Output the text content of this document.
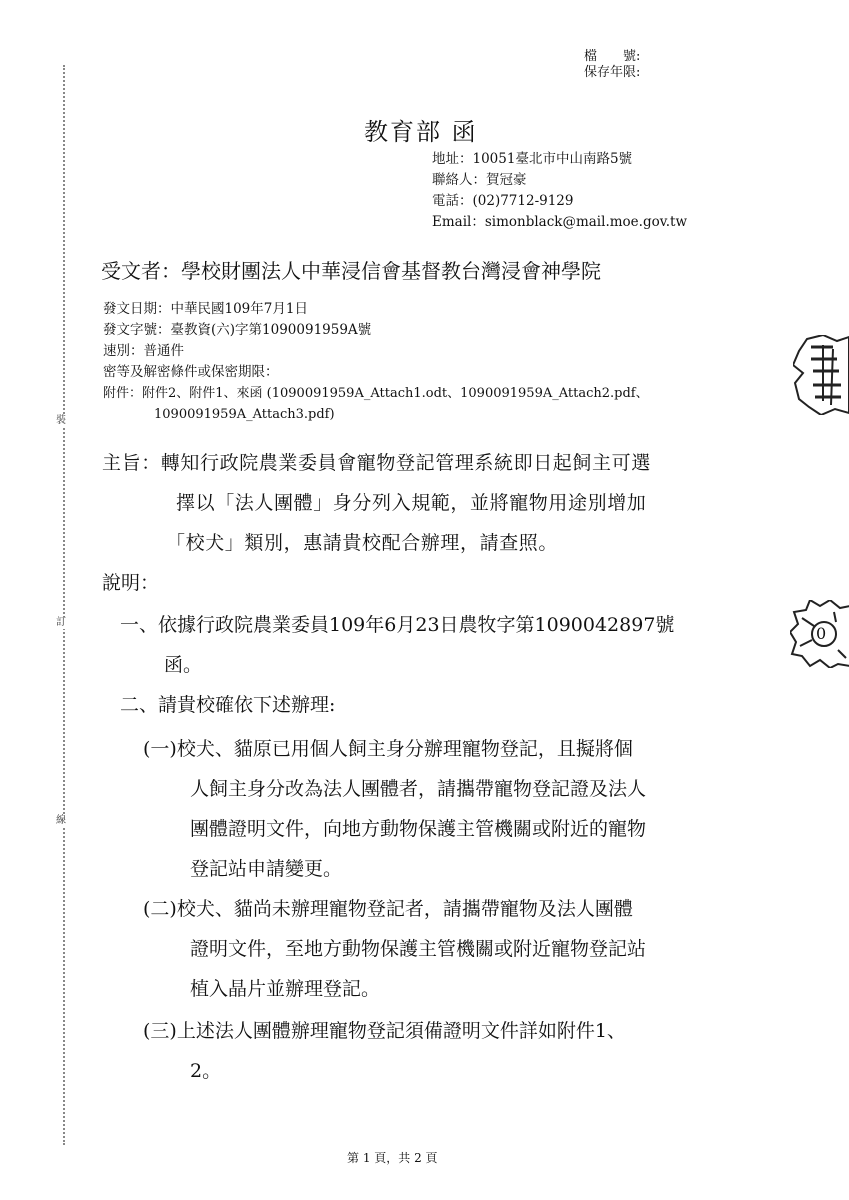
裝
訂
線
檔　　號:
保存年限:
教育部 函
地址：10051臺北市中山南路5號
聯絡人：賀冠豪
電話：(02)7712-9129
Email：simonblack@mail.moe.gov.tw
受文者：學校財團法人中華浸信會基督教台灣浸會神學院
發文日期：中華民國109年7月1日
發文字號：臺教資(六)字第1090091959A號
速別：普通件
密等及解密條件或保密期限：
附件：附件2、附件1、來函 (1090091959A_Attach1.odt、1090091959A_Attach2.pdf、
1090091959A_Attach3.pdf)
主旨：轉知行政院農業委員會寵物登記管理系統即日起飼主可選
擇以「法人團體」身分列入規範，並將寵物用途別增加
「校犬」類別，惠請貴校配合辦理，請查照。
說明：
一、依據行政院農業委員109年6月23日農牧字第1090042897號
函。
二、請貴校確依下述辦理:
(一)校犬、貓原已用個人飼主身分辦理寵物登記，且擬將個
人飼主身分改為法人團體者，請攜帶寵物登記證及法人
團體證明文件，向地方動物保護主管機關或附近的寵物
登記站申請變更。
(二)校犬、貓尚未辦理寵物登記者，請攜帶寵物及法人團體
證明文件，至地方動物保護主管機關或附近寵物登記站
植入晶片並辦理登記。
(三)上述法人團體辦理寵物登記須備證明文件詳如附件1、
2。
0
第 1 頁，共 2 頁
